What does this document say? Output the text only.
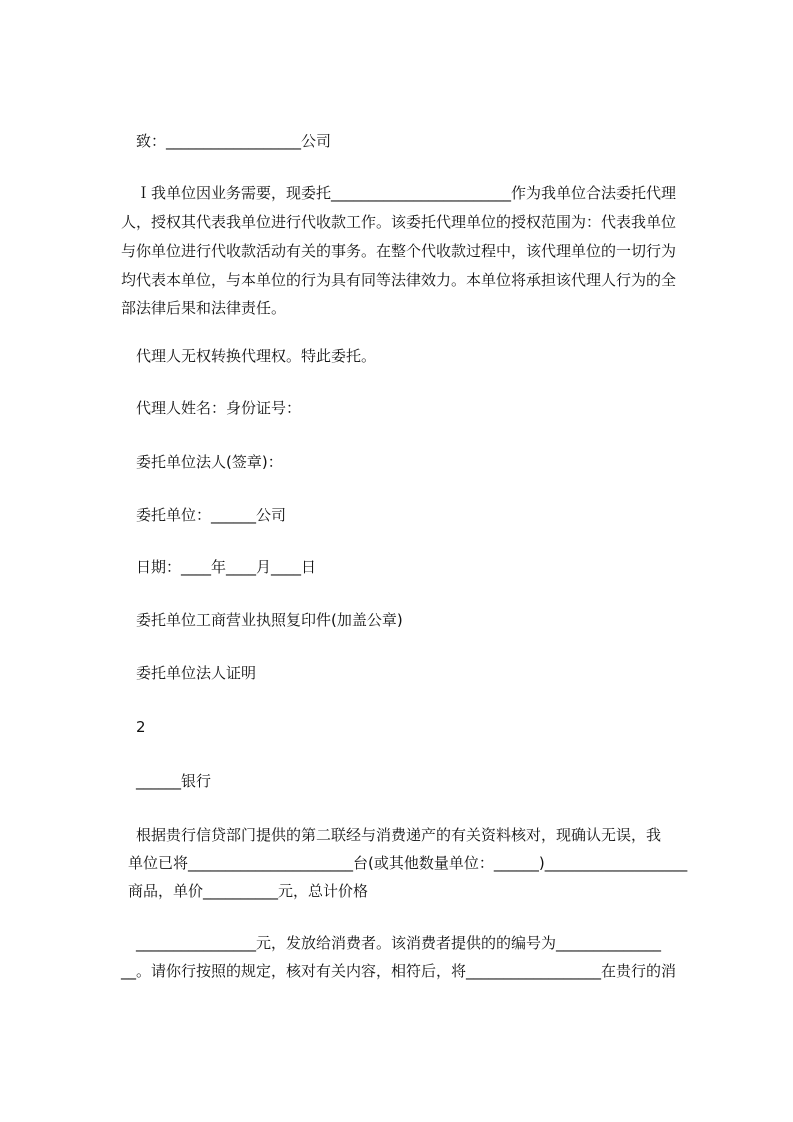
致：__________________公司
Ｉ我单位因业务需要，现委托________________________作为我单位合法委托代理
人，授权其代表我单位进行代收款工作。该委托代理单位的授权范围为：代表我单位
与你单位进行代收款活动有关的事务。在整个代收款过程中，该代理单位的一切行为
均代表本单位，与本单位的行为具有同等法律效力。本单位将承担该代理人行为的全
部法律后果和法律责任。
代理人无权转换代理权。特此委托。
代理人姓名：身份证号：
委托单位法人(签章)：
委托单位：______公司
日期：____年____月____日
委托单位工商营业执照复印件(加盖公章)
委托单位法人证明
2
______银行
根据贵行信贷部门提供的第二联经与消费递产的有关资料核对，现确认无误，我
单位已将______________________台(或其他数量单位：______)___________________
商品，单价__________元，总计价格
________________元，发放给消费者。该消费者提供的的编号为______________
__。请你行按照的规定，核对有关内容，相符后，将__________________在贵行的消
